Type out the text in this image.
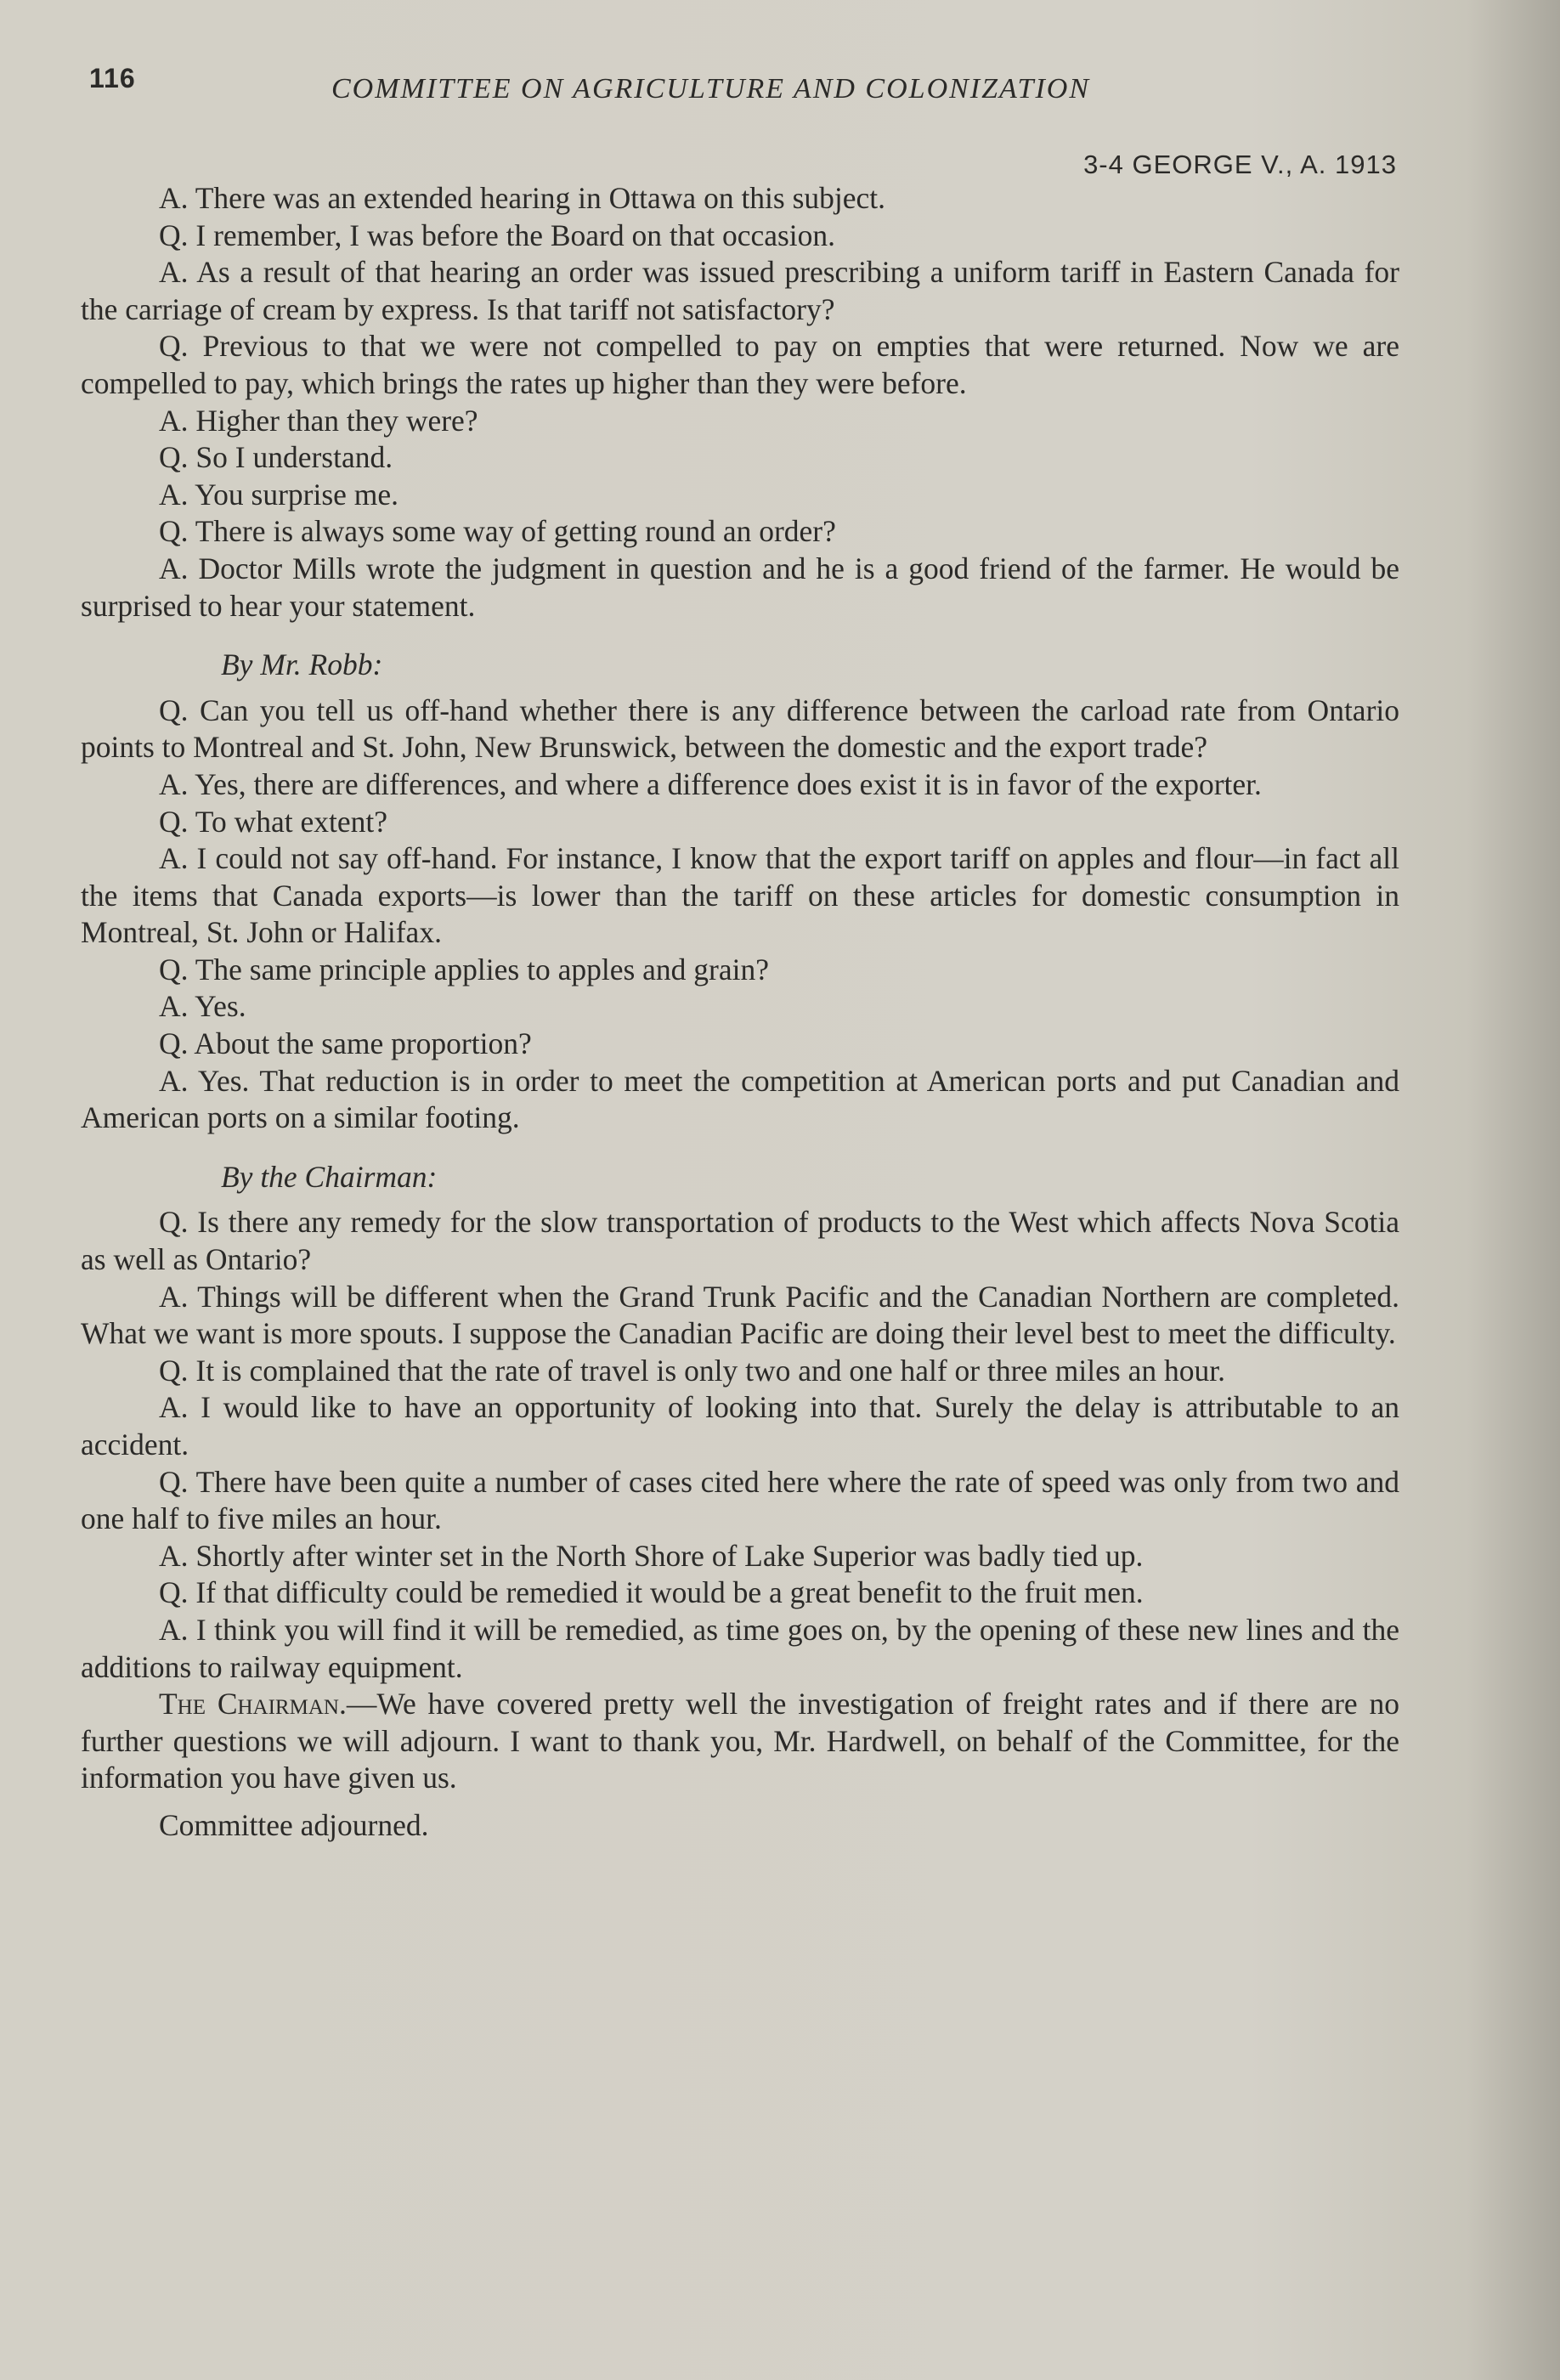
116	COMMITTEE ON AGRICULTURE AND COLONIZATION
3-4 GEORGE V., A. 1913

A. There was an extended hearing in Ottawa on this subject.

Q. I remember, I was before the Board on that occasion.

A. As a result of that hearing an order was issued prescribing a uniform tariff in Eastern Canada for the carriage of cream by express. Is that tariff not satisfactory?

Q. Previous to that we were not compelled to pay on empties that were returned. Now we are compelled to pay, which brings the rates up higher than they were before.

A. Higher than they were?

Q. So I understand.

A. You surprise me.

Q. There is always some way of getting round an order?

A. Doctor Mills wrote the judgment in question and he is a good friend of the farmer. He would be surprised to hear your statement.

By Mr. Robb:

Q. Can you tell us off-hand whether there is any difference between the carload rate from Ontario points to Montreal and St. John, New Brunswick, between the domestic and the export trade?

A. Yes, there are differences, and where a difference does exist it is in favor of the exporter.

Q. To what extent?

A. I could not say off-hand. For instance, I know that the export tariff on apples and flour—in fact all the items that Canada exports—is lower than the tariff on these articles for domestic consumption in Montreal, St. John or Halifax.

Q. The same principle applies to apples and grain?

A. Yes.

Q. About the same proportion?

A. Yes. That reduction is in order to meet the competition at American ports and put Canadian and American ports on a similar footing.

By the Chairman:

Q. Is there any remedy for the slow transportation of products to the West which affects Nova Scotia as well as Ontario?

A. Things will be different when the Grand Trunk Pacific and the Canadian Northern are completed. What we want is more spouts. I suppose the Canadian Pacific are doing their level best to meet the difficulty.

Q. It is complained that the rate of travel is only two and one half or three miles an hour.

A. I would like to have an opportunity of looking into that. Surely the delay is attributable to an accident.

Q. There have been quite a number of cases cited here where the rate of speed was only from two and one half to five miles an hour.

A. Shortly after winter set in the North Shore of Lake Superior was badly tied up.

Q. If that difficulty could be remedied it would be a great benefit to the fruit men.

A. I think you will find it will be remedied, as time goes on, by the opening of these new lines and the additions to railway equipment.

The Chairman.—We have covered pretty well the investigation of freight rates and if there are no further questions we will adjourn. I want to thank you, Mr. Hardwell, on behalf of the Committee, for the information you have given us.

Committee adjourned.
